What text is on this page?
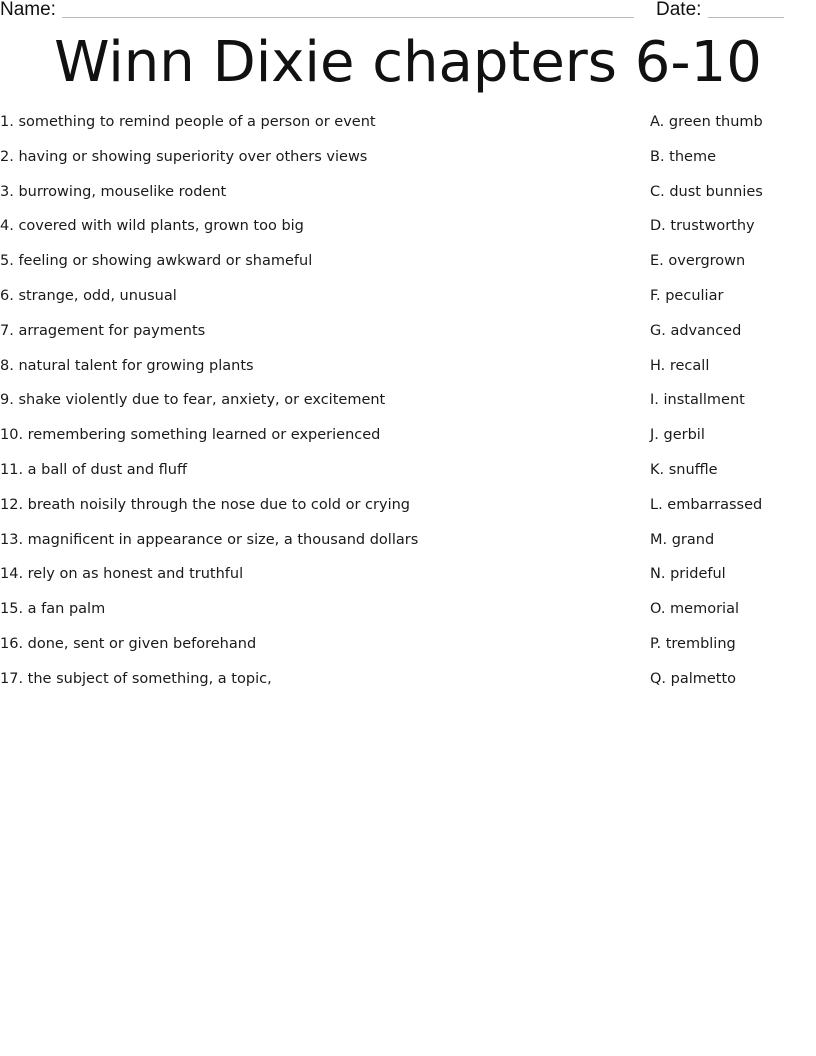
Name:	Date:
Winn Dixie chapters 6-10
1. something to remind people of a person or event	A. green thumb
2. having or showing superiority over others views	B. theme
3. burrowing, mouselike rodent	C. dust bunnies
4. covered with wild plants, grown too big	D. trustworthy
5. feeling or showing awkward or shameful	E. overgrown
6. strange, odd, unusual	F. peculiar
7. arragement for payments	G. advanced
8. natural talent for growing plants	H. recall
9. shake violently due to fear, anxiety, or excitement	I. installment
10. remembering something learned or experienced	J. gerbil
11. a ball of dust and fluff	K. snuffle
12. breath noisily through the nose due to cold or crying	L. embarrassed
13. magnificent in appearance or size, a thousand dollars	M. grand
14. rely on as honest and truthful	N. prideful
15. a fan palm	O. memorial
16. done, sent or given beforehand	P. trembling
17. the subject of something, a topic,	Q. palmetto
